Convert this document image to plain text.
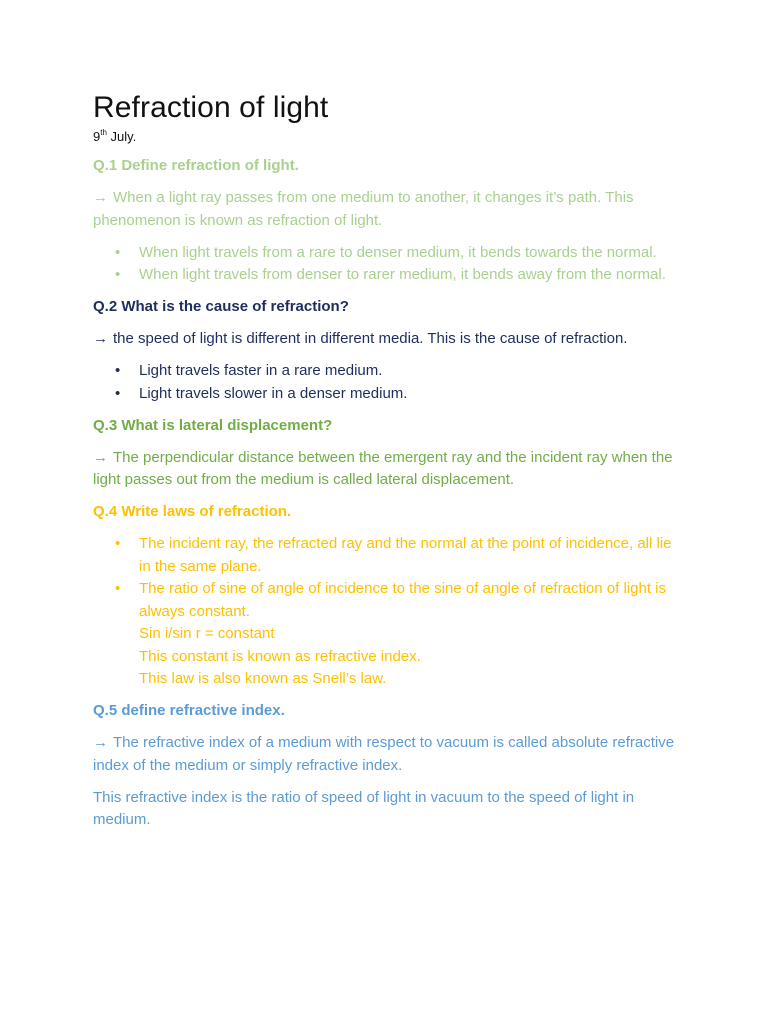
Refraction of light
9th July.

Q.1 Define refraction of light.

→ When a light ray passes from one medium to another, it changes it’s path. This phenomenon is known as refraction of light.

• When light travels from a rare to denser medium, it bends towards the normal.
• When light travels from denser to rarer medium, it bends away from the normal.

Q.2 What is the cause of refraction?

→ the speed of light is different in different media. This is the cause of refraction.

• Light travels faster in a rare medium.
• Light travels slower in a denser medium.

Q.3 What is lateral displacement?

→ The perpendicular distance between the emergent ray and the incident ray when the light passes out from the medium is called lateral displacement.

Q.4 Write laws of refraction.

• The incident ray, the refracted ray and the normal at the point of incidence, all lie in the same plane.
• The ratio of sine of angle of incidence to the sine of angle of refraction of light is always constant.
Sin i/sin r = constant
This constant is known as refractive index.
This law is also known as Snell’s law.

Q.5 define refractive index.

→ The refractive index of a medium with respect to vacuum is called absolute refractive index of the medium or simply refractive index.

This refractive index is the ratio of speed of light in vacuum to the speed of light in medium.
